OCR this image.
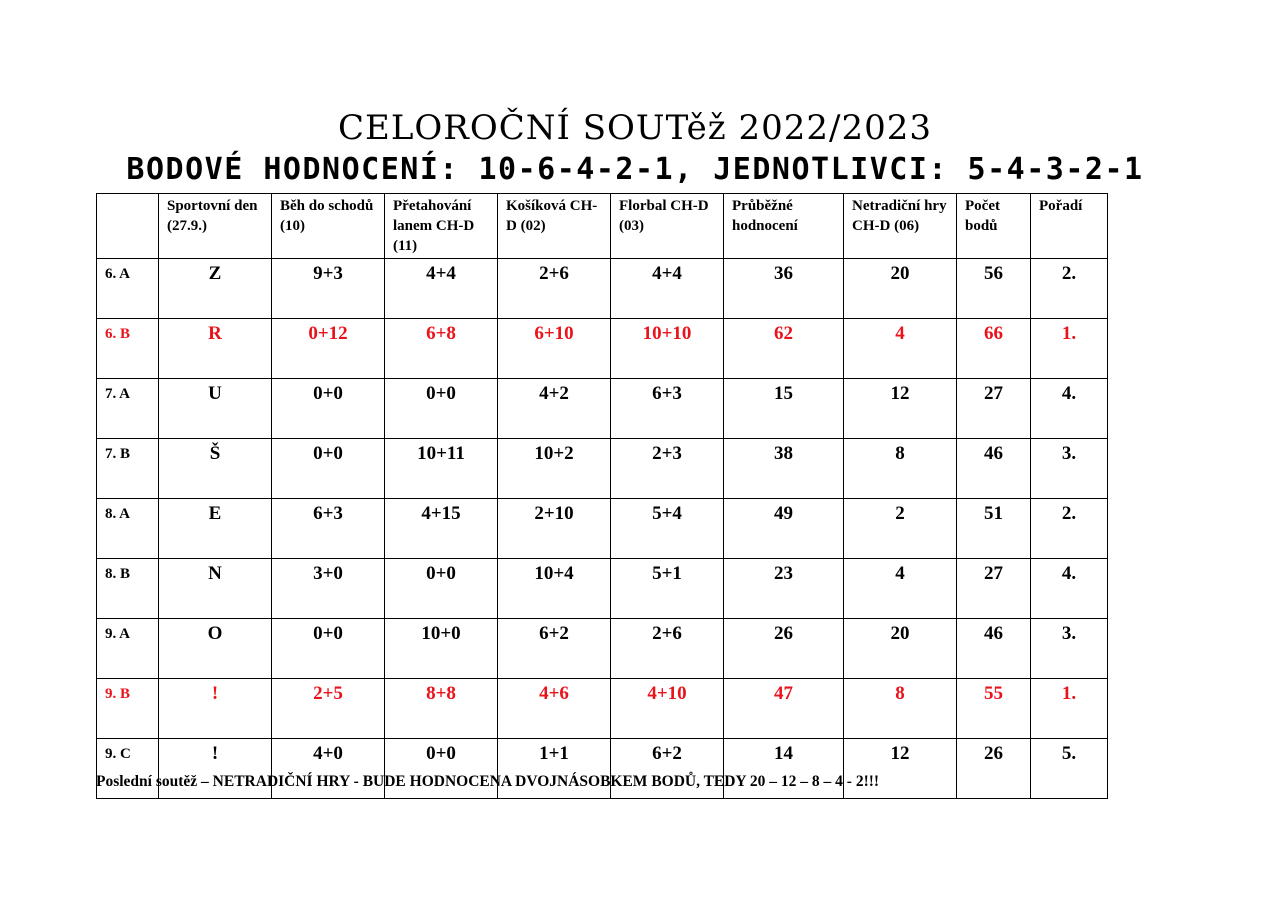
CELOROČNÍ SOUTěž 2022/2023
BODOVÉ HODNOCENÍ: 10-6-4-2-1, JEDNOTLIVCI: 5-4-3-2-1
	Sportovní den (27.9.)	Běh do schodů (10)	Přetahování lanem CH-D (11)	Košíková CH-D (02)	Florbal CH-D (03)	Průběžné hodnocení	Netradiční hry CH-D (06)	Počet bodů	Pořadí
6. A	Z	9+3	4+4	2+6	4+4	36	20	56	2.
6. B	R	0+12	6+8	6+10	10+10	62	4	66	1.
7. A	U	0+0	0+0	4+2	6+3	15	12	27	4.
7. B	Š	0+0	10+11	10+2	2+3	38	8	46	3.
8. A	E	6+3	4+15	2+10	5+4	49	2	51	2.
8. B	N	3+0	0+0	10+4	5+1	23	4	27	4.
9. A	O	0+0	10+0	6+2	2+6	26	20	46	3.
9. B	!	2+5	8+8	4+6	4+10	47	8	55	1.
9. C	!	4+0	0+0	1+1	6+2	14	12	26	5.
Poslední soutěž – NETRADIČNÍ HRY - BUDE HODNOCENA DVOJNÁSOBKEM BODŮ, TEDY 20 – 12 – 8 – 4 - 2!!!
